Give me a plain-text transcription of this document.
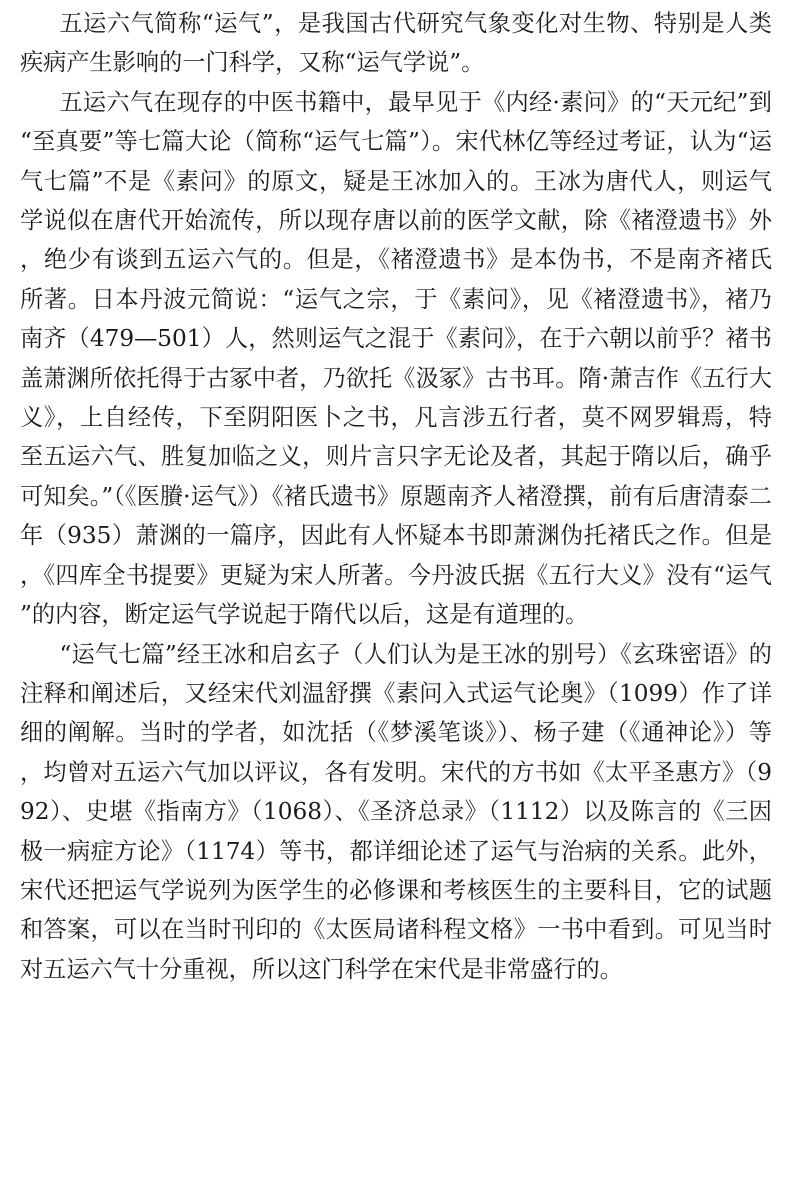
五运六气简称“运气”，是我国古代研究气象变化对生物、特别是人类疾病产生影响的一门科学，又称“运气学说”。

五运六气在现存的中医书籍中，最早见于《内经·素问》的“天元纪”到“至真要”等七篇大论（简称“运气七篇”）。宋代林亿等经过考证，认为“运气七篇”不是《素问》的原文，疑是王冰加入的。王冰为唐代人，则运气学说似在唐代开始流传，所以现存唐以前的医学文献，除《褚澄遗书》外，绝少有谈到五运六气的。但是，《褚澄遗书》是本伪书，不是南齐褚氏所著。日本丹波元简说：“运气之宗，于《素问》，见《褚澄遗书》，褚乃南齐（479—501）人，然则运气之混于《素问》，在于六朝以前乎？褚书盖萧渊所依托得于古冢中者，乃欲托《汲冢》古书耳。隋·萧吉作《五行大义》，上自经传，下至阴阳医卜之书，凡言涉五行者，莫不网罗辑焉，特至五运六气、胜复加临之义，则片言只字无论及者，其起于隋以后，确乎可知矣。”（《医賸·运气》）《褚氏遗书》原题南齐人褚澄撰，前有后唐清泰二年（935）萧渊的一篇序，因此有人怀疑本书即萧渊伪托褚氏之作。但是，《四库全书提要》更疑为宋人所著。今丹波氏据《五行大义》没有“运气”的内容，断定运气学说起于隋代以后，这是有道理的。

“运气七篇”经王冰和启玄子（人们认为是王冰的别号）《玄珠密语》的注释和阐述后，又经宋代刘温舒撰《素问入式运气论奥》（1099）作了详细的阐解。当时的学者，如沈括（《梦溪笔谈》）、杨子建（《通神论》）等，均曾对五运六气加以评议，各有发明。宋代的方书如《太平圣惠方》（992）、史堪《指南方》（1068）、《圣济总录》（1112）以及陈言的《三因极一病症方论》（1174）等书，都详细论述了运气与治病的关系。此外，宋代还把运气学说列为医学生的必修课和考核医生的主要科目，它的试题和答案，可以在当时刊印的《太医局诸科程文格》一书中看到。可见当时对五运六气十分重视，所以这门科学在宋代是非常盛行的。
